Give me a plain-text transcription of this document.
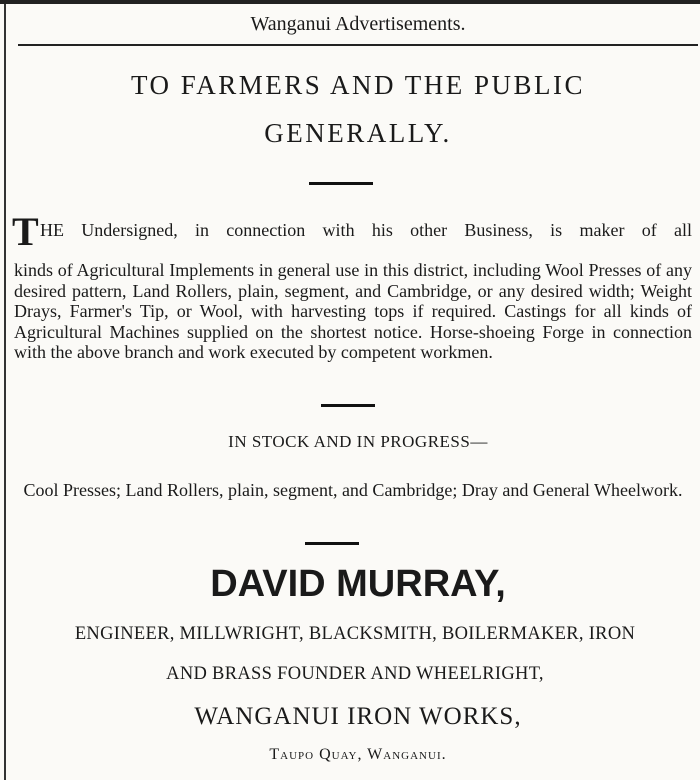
Wanganui Advertisements.
TO FARMERS AND THE PUBLIC
GENERALLY.
T HE Undersigned, in connection with his other Business, is maker of all
kinds of Agricultural Implements in general use in this district, including Wool Presses of any desired pattern, Land Rollers, plain, segment, and Cambridge, or any desired width; Weight Drays, Farmer's Tip, or Wool, with harvesting tops if required. Castings for all kinds of Agricultural Machines supplied on the shortest notice. Horse-shoeing Forge in connection with the above branch and work executed by competent workmen.
IN STOCK AND IN PROGRESS—
Cool Presses; Land Rollers, plain, segment, and Cambridge; Dray and General Wheelwork.
DAVID MURRAY,
ENGINEER, MILLWRIGHT, BLACKSMITH, BOILERMAKER, IRON
AND BRASS FOUNDER AND WHEELRIGHT,
WANGANUI IRON WORKS,
Taupo Quay, Wanganui.
